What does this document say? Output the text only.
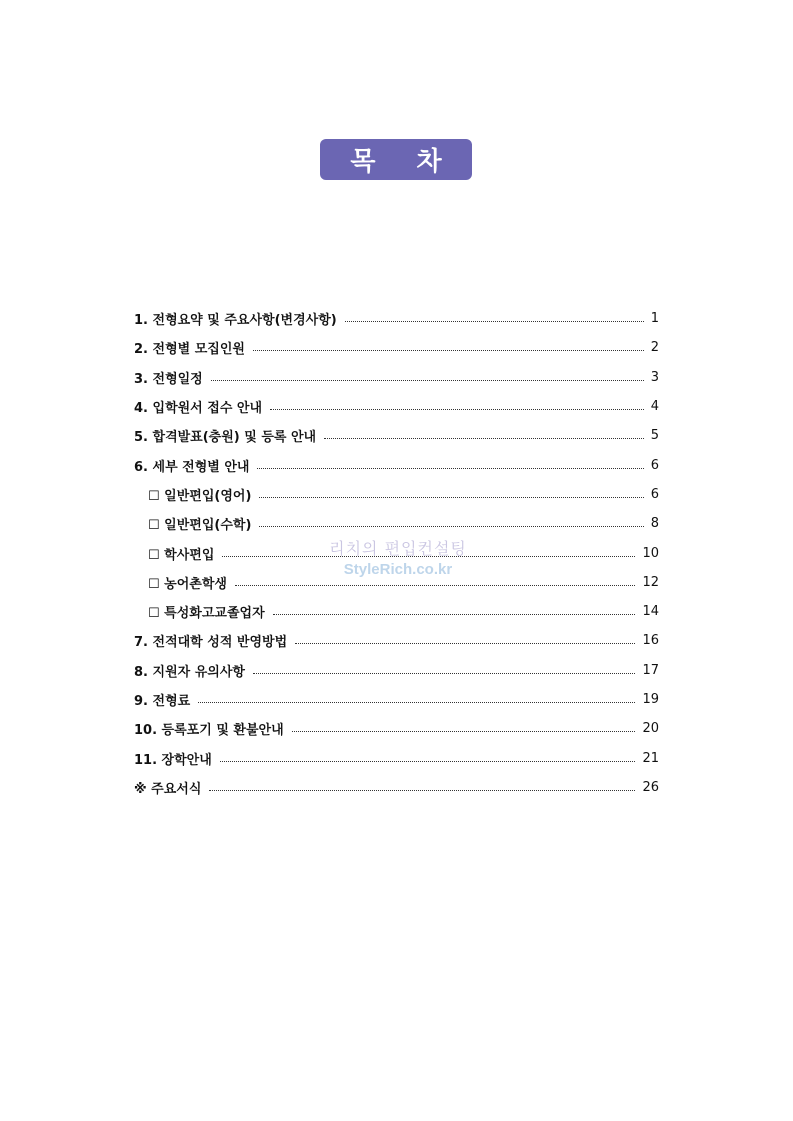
목 차
1. 전형요약 및 주요사항(변경사항)	1
2. 전형별 모집인원	2
3. 전형일정	3
4. 입학원서 접수 안내	4
5. 합격발표(충원) 및 등록 안내	5
6. 세부 전형별 안내	6
☐ 일반편입(영어)	6
☐ 일반편입(수학)	8
☐ 학사편입	10
☐ 농어촌학생	12
☐ 특성화고교졸업자	14
7. 전적대학 성적 반영방법	16
8. 지원자 유의사항	17
9. 전형료	19
10. 등록포기 및 환불안내	20
11. 장학안내	21
※ 주요서식	26
리치의 편입컨설팅
StyleRich.co.kr
